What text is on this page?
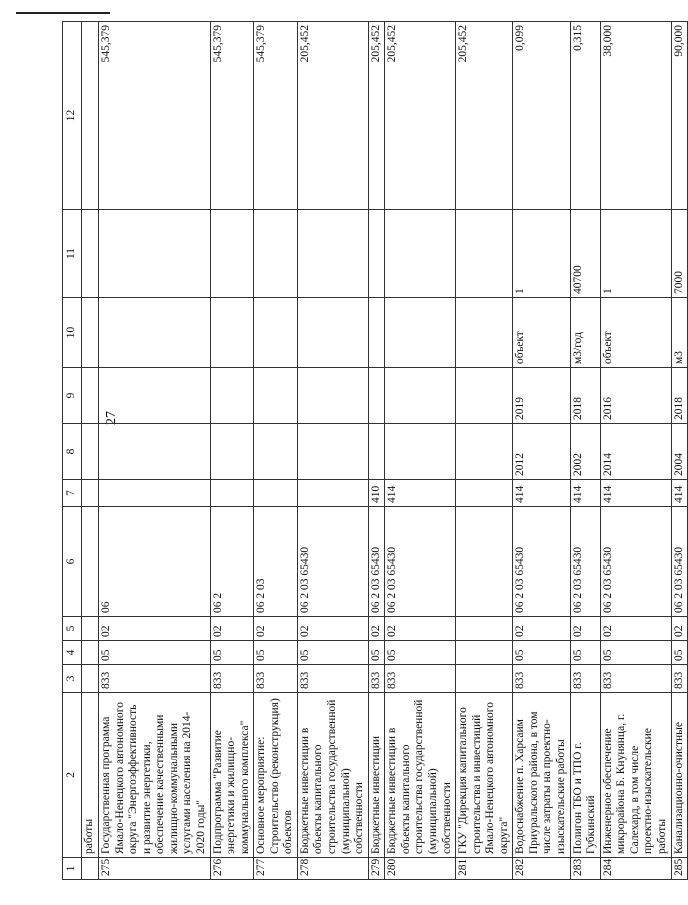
27
1	2	3	4	5	6	7	8	9	10	11	12
	работы										
275	Государственная программа Ямало-Ненецкого автономного округа "Энергоэффективность и развитие энергетики, обеспечение качественными жилищно-коммунальными услугами населения на 2014-2020 годы"	833	05	02	06						545,379
276	Подпрограмма "Развитие энергетики и жилищно-коммунального комплекса"	833	05	02	06 2						545,379
277	Основное мероприятие: Строительство (реконструкция) объектов	833	05	02	06 2 03						545,379
278	Бюджетные инвестиции в объекты капитального строительства государственной (муниципальной) собственности	833	05	02	06 2 03 65430						205,452
279	Бюджетные инвестиции	833	05	02	06 2 03 65430	410					205,452
280	Бюджетные инвестиции в объекты капитального строительства государственной (муниципальной) собственности	833	05	02	06 2 03 65430	414					205,452
281	ГКУ "Дирекция капитального строительства и инвестиций Ямало-Ненецкого автономного округа"										205,452
282	Водоснабжение п. Харсаим Приуральского района, в том числе затраты на проектно-изыскательские работы	833	05	02	06 2 03 65430	414	2012	2019	объект	1	0,099
283	Полигон ТБО и ТПО г. Губкинский	833	05	02	06 2 03 65430	414	2002	2018	м3/год	40700	0,315
284	Инженерное обеспечение микрорайона Б. Кнунянца, г. Салехард, в том числе проектно-изыскательские работы	833	05	02	06 2 03 65430	414	2014	2016	объект	1	38,000
285	Канализационно-очистные	833	05	02	06 2 03 65430	414	2004	2018	м3	7000	90,000
